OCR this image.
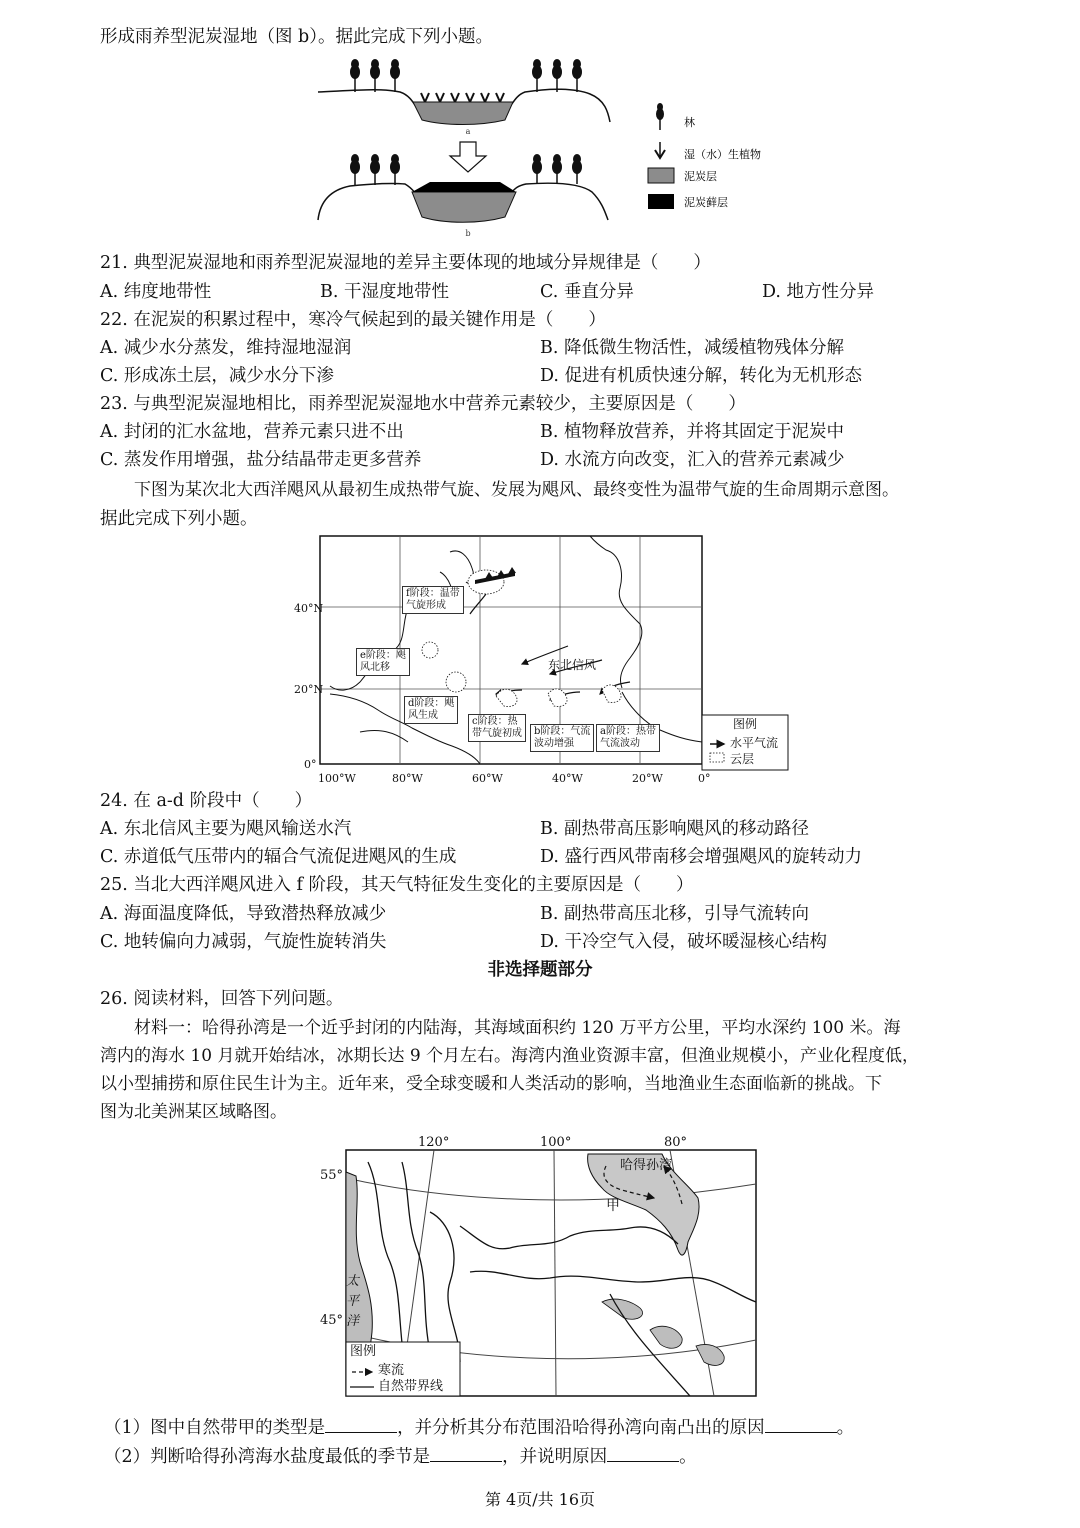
形成雨养型泥炭湿地（图 b）。据此完成下列小题。
a
b
林
湿（水）生植物
泥炭层
泥炭藓层
21. 典型泥炭湿地和雨养型泥炭湿地的差异主要体现的地域分异规律是（　　）
A. 纬度地带性	B. 干湿度地带性	C. 垂直分异	D. 地方性分异
22. 在泥炭的积累过程中，寒冷气候起到的最关键作用是（　　）
A. 减少水分蒸发，维持湿地湿润	B. 降低微生物活性，减缓植物残体分解
C. 形成冻土层，减少水分下渗	D. 促进有机质快速分解，转化为无机形态
23. 与典型泥炭湿地相比，雨养型泥炭湿地水中营养元素较少，主要原因是（　　）
A. 封闭的汇水盆地，营养元素只进不出	B. 植物释放营养，并将其固定于泥炭中
C. 蒸发作用增强，盐分结晶带走更多营养	D. 水流方向改变，汇入的营养元素减少
下图为某次北大西洋飓风从最初生成热带气旋、发展为飓风、最终变性为温带气旋的生命周期示意图。
据此完成下列小题。
40°N
20°N
0°
100°W	80°W	60°W	40°W	20°W	0°
f阶段：温带
气旋形成
e阶段：飓
风北移
d阶段：飓
风生成
c阶段：热
带气旋初成 b阶段：气流
波动增强
a阶段：热带
气流波动
东北信风
图例
水平气流
云层
24. 在 a-d 阶段中（　　）
A. 东北信风主要为飓风输送水汽	B. 副热带高压影响飓风的移动路径
C. 赤道低气压带内的辐合气流促进飓风的生成	D. 盛行西风带南移会增强飓风的旋转动力
25. 当北大西洋飓风进入 f 阶段，其天气特征发生变化的主要原因是（　　）
A. 海面温度降低，导致潜热释放减少	B. 副热带高压北移，引导气流转向
C. 地转偏向力减弱，气旋性旋转消失	D. 干冷空气入侵，破坏暖湿核心结构
非选择题部分
26. 阅读材料，回答下列问题。
材料一：哈得孙湾是一个近乎封闭的内陆海，其海域面积约 120 万平方公里，平均水深约 100 米。海
湾内的海水 10 月就开始结冰，冰期长达 9 个月左右。海湾内渔业资源丰富，但渔业规模小，产业化程度低，
以小型捕捞和原住民生计为主。近年来，受全球变暖和人类活动的影响，当地渔业生态面临新的挑战。下
图为北美洲某区域略图。
120°	100°	80°
55°
45°
哈得孙湾
甲
太
平
洋
图例
寒流
自然带界线
（1）图中自然带甲的类型是	，并分析其分布范围沿哈得孙湾向南凸出的原因	。
（2）判断哈得孙湾海水盐度最低的季节是	，并说明原因	。
第 4页/共 16页
